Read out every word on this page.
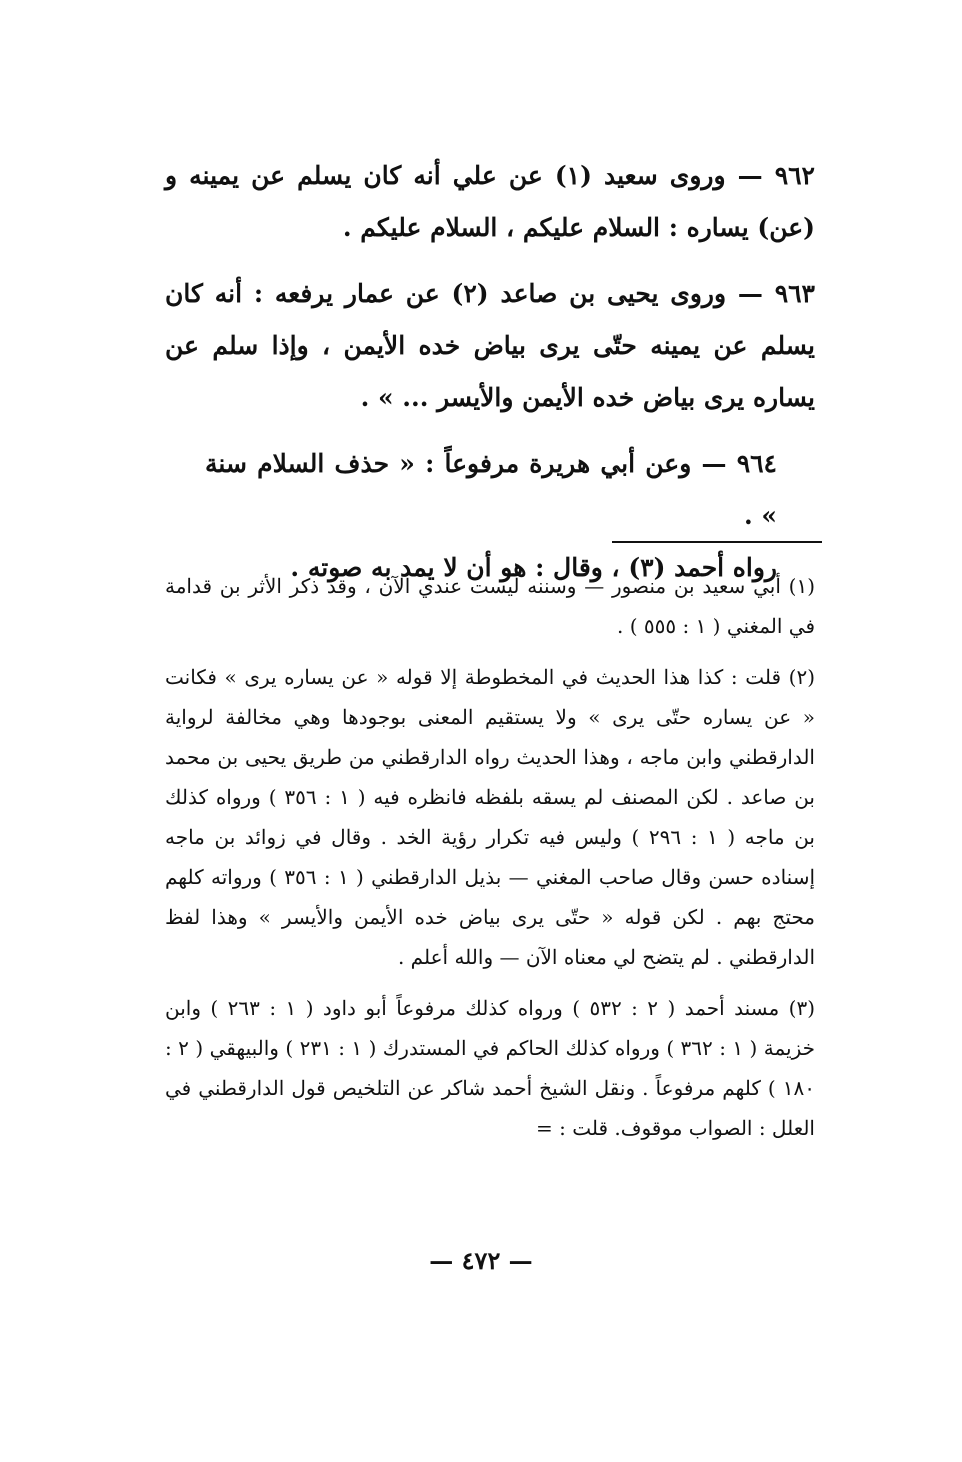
٩٦٢ — وروى سعيد (١) عن علي أنه كان يسلم عن يمينه و (عن) يساره : السلام عليكم ، السلام عليكم .

٩٦٣ — وروى يحيى بن صاعد (٢) عن عمار يرفعه : أنه كان يسلم عن يمينه حتّى يرى بياض خده الأيمن ، وإذا سلم عن يساره يرى بياض خده الأيمن والأيسر ... » .

٩٦٤ — وعن أبي هريرة مرفوعاً : « حذف السلام سنة » .

رواه أحمد (٣) ، وقال : هو أن لا يمد به صوته .

(١) أبي سعيد بن منصور — وسننه ليست عندي الآن ، وقد ذكر الأثر بن قدامة في المغني ( ١ : ٥٥٥ ) .

(٢) قلت : كذا هذا الحديث في المخطوطة إلا قوله « عن يساره يرى » فكانت « عن يساره حتّى يرى » ولا يستقيم المعنى بوجودها وهي مخالفة لرواية الدارقطني وابن ماجه ، وهذا الحديث رواه الدارقطني من طريق يحيى بن محمد بن صاعد . لكن المصنف لم يسقه بلفظه فانظره فيه ( ١ : ٣٥٦ ) ورواه كذلك بن ماجه ( ١ : ٢٩٦ ) وليس فيه تكرار رؤية الخد . وقال في زوائد بن ماجه إسناده حسن وقال صاحب المغني — بذيل الدارقطني ( ١ : ٣٥٦ ) ورواته كلهم محتج بهم . لكن قوله « حتّى يرى بياض خده الأيمن والأيسر » وهذا لفظ الدارقطني . لم يتضح لي معناه الآن — والله أعلم .

(٣) مسند أحمد ( ٢ : ٥٣٢ ) ورواه كذلك مرفوعاً أبو داود ( ١ : ٢٦٣ ) وابن خزيمة ( ١ : ٣٦٢ ) ورواه كذلك الحاكم في المستدرك ( ١ : ٢٣١ ) والبيهقي ( ٢ : ١٨٠ ) كلهم مرفوعاً . ونقل الشيخ أحمد شاكر عن التلخيص قول الدارقطني في العلل : الصواب موقوف. قلت : =

— ٤٧٢ —
